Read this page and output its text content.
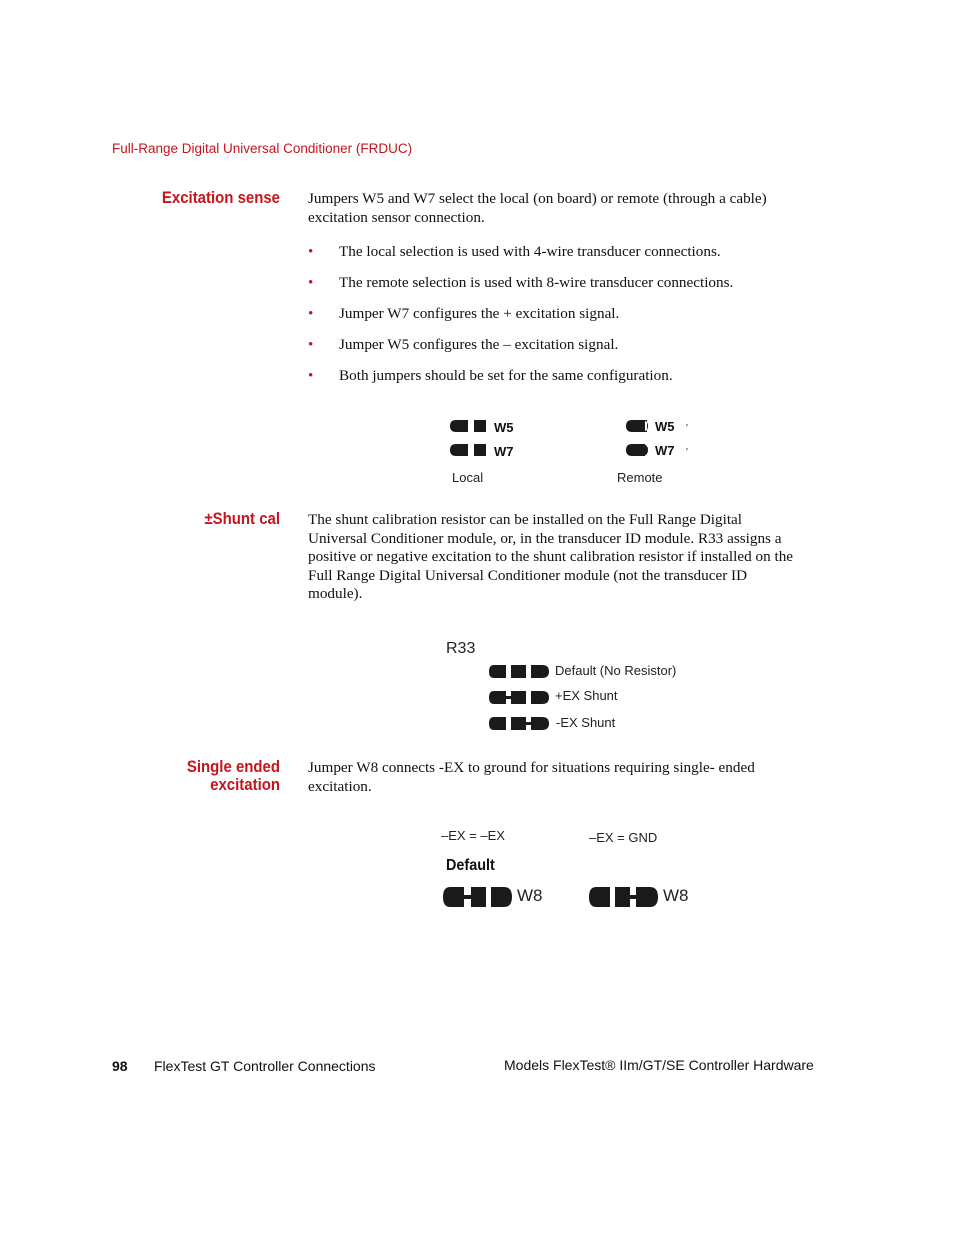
Full-Range Digital Universal Conditioner (FRDUC)
Excitation sense Jumpers W5 and W7 select the local (on board) or remote (through a cable)
excitation sensor connection.
• The local selection is used with 4-wire transducer connections.
• The remote selection is used with 8-wire transducer connections.
• Jumper W7 configures the + excitation signal.
• Jumper W5 configures the – excitation signal.
• Both jumpers should be set for the same configuration.
'
'
W5
W7
W5
W7
Local	Remote
±Shunt cal The shunt calibration resistor can be installed on the Full Range Digital
Universal Conditioner module, or, in the transducer ID module. R33 assigns a
positive or negative excitation to the shunt calibration resistor if installed on the
Full Range Digital Universal Conditioner module (not the transducer ID
module).
R33
Default (No Resistor)
+EX Shunt
-EX Shunt
Single ended
excitation
Jumper W8 connects -EX to ground for situations requiring single- ended
excitation.
–EX = –EX	–EX = GND
Default
W8	W8
98 FlexTest GT Controller Connections	Models FlexTest® IIm/GT/SE Controller Hardware
